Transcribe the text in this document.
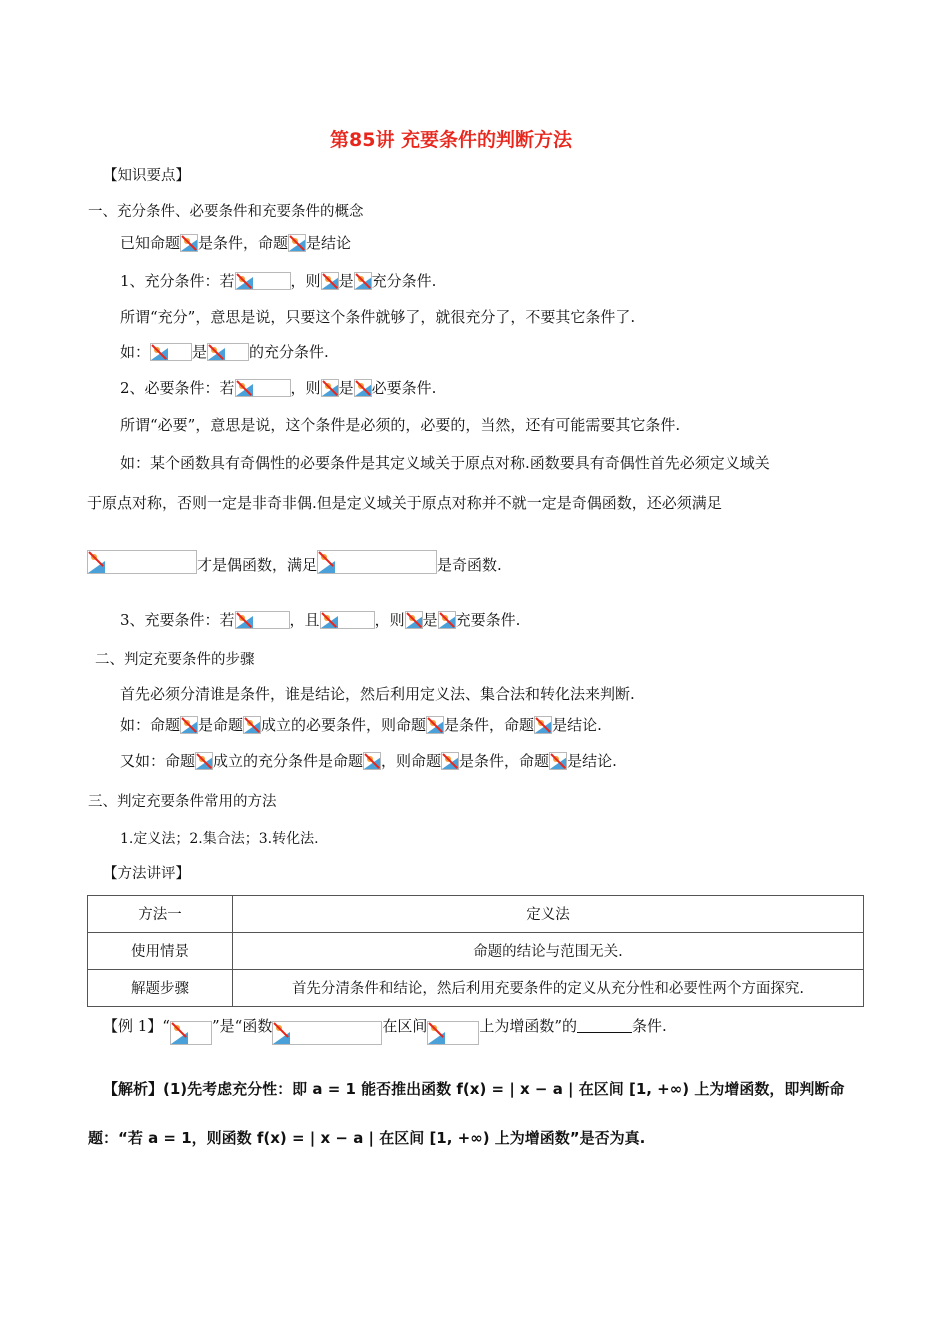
第85讲 充要条件的判断方法
【知识要点】
一、充分条件、必要条件和充要条件的概念
已知命题 是条件，命题 是结论
1、充分条件：若	，则 是 充分条件.
所谓“充分”，意思是说，只要这个条件就够了，就很充分了，不要其它条件了.
如：	是	的充分条件.
2、必要条件：若	，则 是 必要条件.
所谓“必要”，意思是说，这个条件是必须的，必要的，当然，还有可能需要其它条件.
如：某个函数具有奇偶性的必要条件是其定义域关于原点对称.函数要具有奇偶性首先必须定义域关
于原点对称，否则一定是非奇非偶.但是定义域关于原点对称并不就一定是奇偶函数，还必须满足
才是偶函数，满足	是奇函数.
3、充要条件：若	，且	，则 是 充要条件.
二、判定充要条件的步骤
首先必须分清谁是条件，谁是结论，然后利用定义法、集合法和转化法来判断.
如：命题 是命题 成立的必要条件，则命题 是条件，命题 是结论.
又如：命题 成立的充分条件是命题 ，则命题 是条件，命题 是结论.
三、判定充要条件常用的方法
1.定义法；2.集合法；3.转化法.
【方法讲评】
方法一	定义法
使用情景	命题的结论与范围无关.
解题步骤	首先分清条件和结论，然后利用充要条件的定义从充分性和必要性两个方面探究.
【例 1】“	”是“函数	在区间	上为增函数”的	条件.
【解析】(1)先考虑充分性：即 a = 1 能否推出函数 f(x) = | x − a | 在区间 [1, +∞) 上为增函数，即判断命
题：“若 a = 1，则函数 f(x) = | x − a | 在区间 [1, +∞) 上为增函数”是否为真.
